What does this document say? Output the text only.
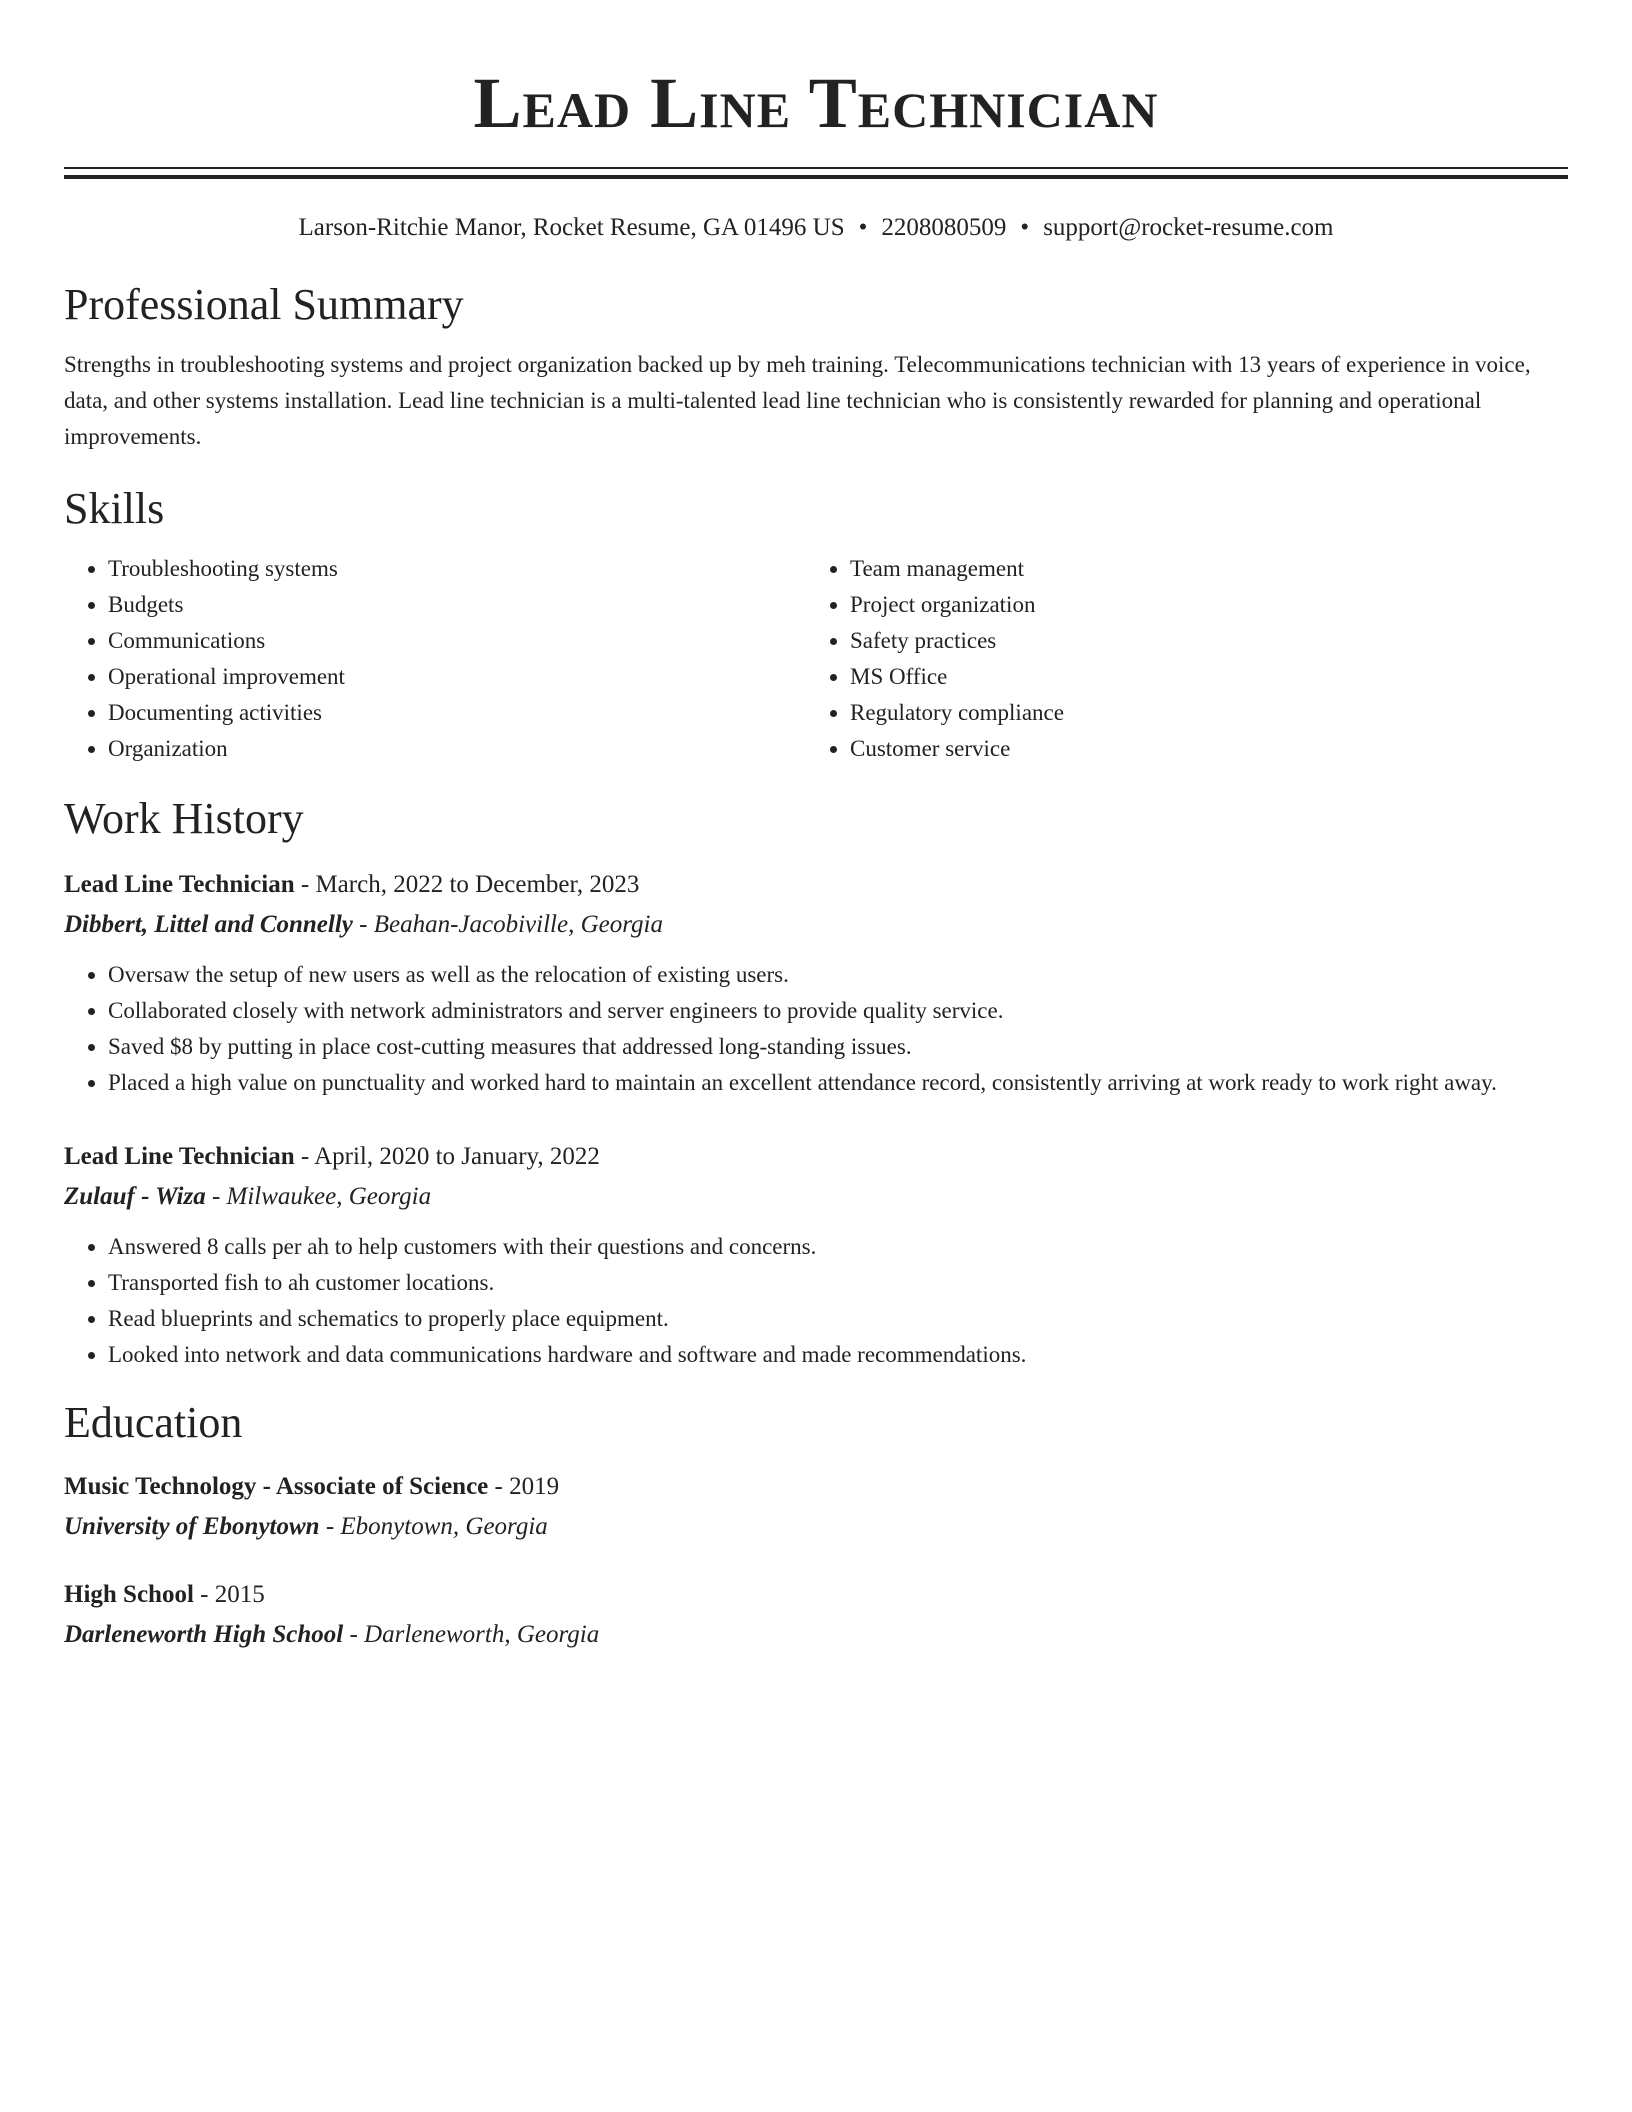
Lead Line Technician
Larson-Ritchie Manor, Rocket Resume, GA 01496 US • 2208080509 • support@rocket-resume.com
Professional Summary

Strengths in troubleshooting systems and project organization backed up by meh training. Telecommunications technician with 13 years of experience in voice, data, and other systems installation. Lead line technician is a multi-talented lead line technician who is consistently rewarded for planning and operational improvements.

Skills
• Troubleshooting systems
• Budgets
• Communications
• Operational improvement
• Documenting activities
• Organization
• Team management
• Project organization
• Safety practices
• MS Office
• Regulatory compliance
• Customer service
Work History
Lead Line Technician - March, 2022 to December, 2023
Dibbert, Littel and Connelly - Beahan-Jacobiville, Georgia
• Oversaw the setup of new users as well as the relocation of existing users.
• Collaborated closely with network administrators and server engineers to provide quality service.
• Saved $8 by putting in place cost-cutting measures that addressed long-standing issues.
• Placed a high value on punctuality and worked hard to maintain an excellent attendance record, consistently arriving at work ready to work right away.
Lead Line Technician - April, 2020 to January, 2022
Zulauf - Wiza - Milwaukee, Georgia
• Answered 8 calls per ah to help customers with their questions and concerns.
• Transported fish to ah customer locations.
• Read blueprints and schematics to properly place equipment.
• Looked into network and data communications hardware and software and made recommendations.
Education
Music Technology - Associate of Science - 2019
University of Ebonytown - Ebonytown, Georgia
High School - 2015
Darleneworth High School - Darleneworth, Georgia
